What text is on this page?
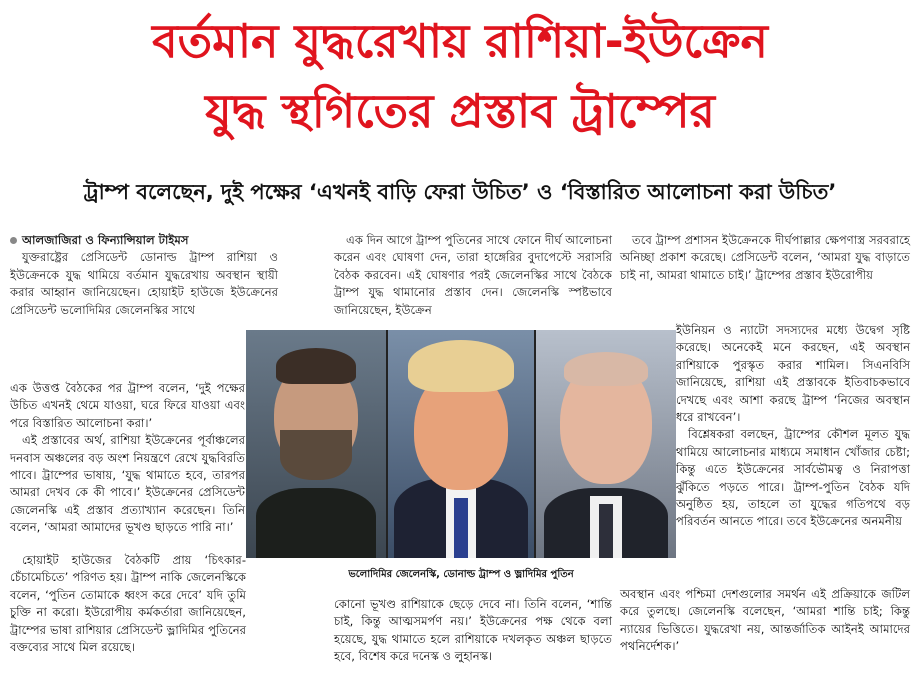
বর্তমান যুদ্ধরেখায় রাশিয়া-ইউক্রেন
যুদ্ধ স্থগিতের প্রস্তাব ট্রাম্পের
ট্রাম্প বলেছেন, দুই পক্ষের ‘এখনই বাড়ি ফেরা উচিত’ ও ‘বিস্তারিত আলোচনা করা উচিত’

আলজাজিরা ও ফিন্যান্সিয়াল টাইমস

যুক্তরাষ্ট্রের প্রেসিডেন্ট ডোনাল্ড ট্রাম্প রাশিয়া ও ইউক্রেনকে যুদ্ধ থামিয়ে বর্তমান যুদ্ধরেখায় অবস্থান স্থায়ী করার আহ্বান জানিয়েছেন। হোয়াইট হাউজে ইউক্রেনের প্রেসিডেন্ট ভলোদিমির জেলেনস্কির সাথে

এক উত্তপ্ত বৈঠকের পর ট্রাম্প বলেন, ‘দুই পক্ষের উচিত এখনই থেমে যাওয়া, ঘরে ফিরে যাওয়া এবং পরে বিস্তারিত আলোচনা করা।’

এই প্রস্তাবের অর্থ, রাশিয়া ইউক্রেনের পূর্বাঞ্চলের দনবাস অঞ্চলের বড় অংশ নিয়ন্ত্রণে রেখে যুদ্ধবিরতি পাবে। ট্রাম্পের ভাষায়, ‘যুদ্ধ থামাতে হবে, তারপর আমরা দেখব কে কী পাবে।’ ইউক্রেনের প্রেসিডেন্ট জেলেনস্কি এই প্রস্তাব প্রত্যাখ্যান করেছেন। তিনি বলেন, ‘আমরা আমাদের ভূখণ্ড ছাড়তে পারি না।’

হোয়াইট হাউজের বৈঠকটি প্রায় ‘চিৎকার-চেঁচামেচিতে’ পরিণত হয়। ট্রাম্প নাকি জেলেনস্কিকে বলেন, ‘পুতিন তোমাকে ধ্বংস করে দেবে’ যদি তুমি চুক্তি না করো। ইউরোপীয় কর্মকর্তারা জানিয়েছেন, ট্রাম্পের ভাষা রাশিয়ার প্রেসিডেন্ট ভ্লাদিমির পুতিনের বক্তব্যের সাথে মিল রয়েছে।

এক দিন আগে ট্রাম্প পুতিনের সাথে ফোনে দীর্ঘ আলোচনা করেন এবং ঘোষণা দেন, তারা হাঙ্গেরির বুদাপেস্টে সরাসরি বৈঠক করবেন। এই ঘোষণার পরই জেলেনস্কির সাথে বৈঠকে ট্রাম্প যুদ্ধ থামানোর প্রস্তাব দেন। জেলেনস্কি স্পষ্টভাবে জানিয়েছেন, ইউক্রেন

কোনো ভূখণ্ড রাশিয়াকে ছেড়ে দেবে না। তিনি বলেন, ‘শান্তি চাই, কিন্তু আত্মসমর্পণ নয়।’ ইউক্রেনের পক্ষ থেকে বলা হয়েছে, যুদ্ধ থামাতে হলে রাশিয়াকে দখলকৃত অঞ্চল ছাড়তে হবে, বিশেষ করে দনেস্ক ও লুহানস্ক।

তবে ট্রাম্প প্রশাসন ইউক্রেনকে দীর্ঘপাল্লার ক্ষেপণাস্ত্র সরবরাহে অনিচ্ছা প্রকাশ করেছে। প্রেসিডেন্ট বলেন, ‘আমরা যুদ্ধ বাড়াতে চাই না, আমরা থামাতে চাই।’ ট্রাম্পের প্রস্তাব ইউরোপীয়

ইউনিয়ন ও ন্যাটো সদস্যদের মধ্যে উদ্বেগ সৃষ্টি করেছে। অনেকেই মনে করছেন, এই অবস্থান রাশিয়াকে পুরস্কৃত করার শামিল। সিএনবিসি জানিয়েছে, রাশিয়া এই প্রস্তাবকে ইতিবাচকভাবে দেখছে এবং আশা করছে ট্রাম্প ‘নিজের অবস্থান ধরে রাখবেন’।

বিশ্লেষকরা বলছেন, ট্রাম্পের কৌশল মূলত যুদ্ধ থামিয়ে আলোচনার মাধ্যমে সমাধান খোঁজার চেষ্টা; কিন্তু এতে ইউক্রেনের সার্বভৌমত্ব ও নিরাপত্তা ঝুঁকিতে পড়তে পারে। ট্রাম্প-পুতিন বৈঠক যদি অনুষ্ঠিত হয়, তাহলে তা যুদ্ধের গতিপথে বড় পরিবর্তন আনতে পারে। তবে ইউক্রেনের অনমনীয়

অবস্থান এবং পশ্চিমা দেশগুলোর সমর্থন এই প্রক্রিয়াকে জটিল করে তুলছে। জেলেনস্কি বলেছেন, ‘আমরা শান্তি চাই; কিন্তু ন্যায়ের ভিত্তিতে। যুদ্ধরেখা নয়, আন্তর্জাতিক আইনই আমাদের পথনির্দেশক।’

ভলোদিমির জেলেনস্কি, ডোনাল্ড ট্রাম্প ও ভ্লাদিমির পুতিন
